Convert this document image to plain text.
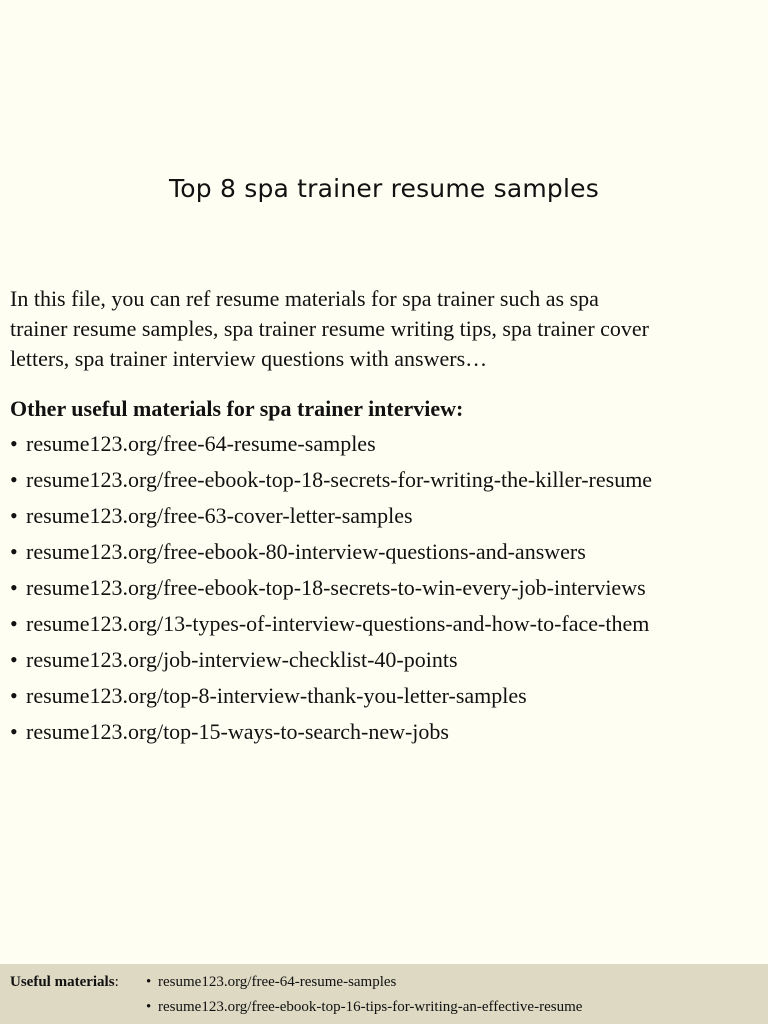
Top 8 spa trainer resume samples

In this file, you can ref resume materials for spa trainer such as spa
trainer resume samples, spa trainer resume writing tips, spa trainer cover
letters, spa trainer interview questions with answers…

Other useful materials for spa trainer interview:

• resume123.org/free-64-resume-samples
• resume123.org/free-ebook-top-18-secrets-for-writing-the-killer-resume
• resume123.org/free-63-cover-letter-samples
• resume123.org/free-ebook-80-interview-questions-and-answers
• resume123.org/free-ebook-top-18-secrets-to-win-every-job-interviews
• resume123.org/13-types-of-interview-questions-and-how-to-face-them
• resume123.org/job-interview-checklist-40-points
• resume123.org/top-8-interview-thank-you-letter-samples
• resume123.org/top-15-ways-to-search-new-jobs
Useful materials: • resume123.org/free-64-resume-samples
• resume123.org/free-ebook-top-16-tips-for-writing-an-effective-resume
